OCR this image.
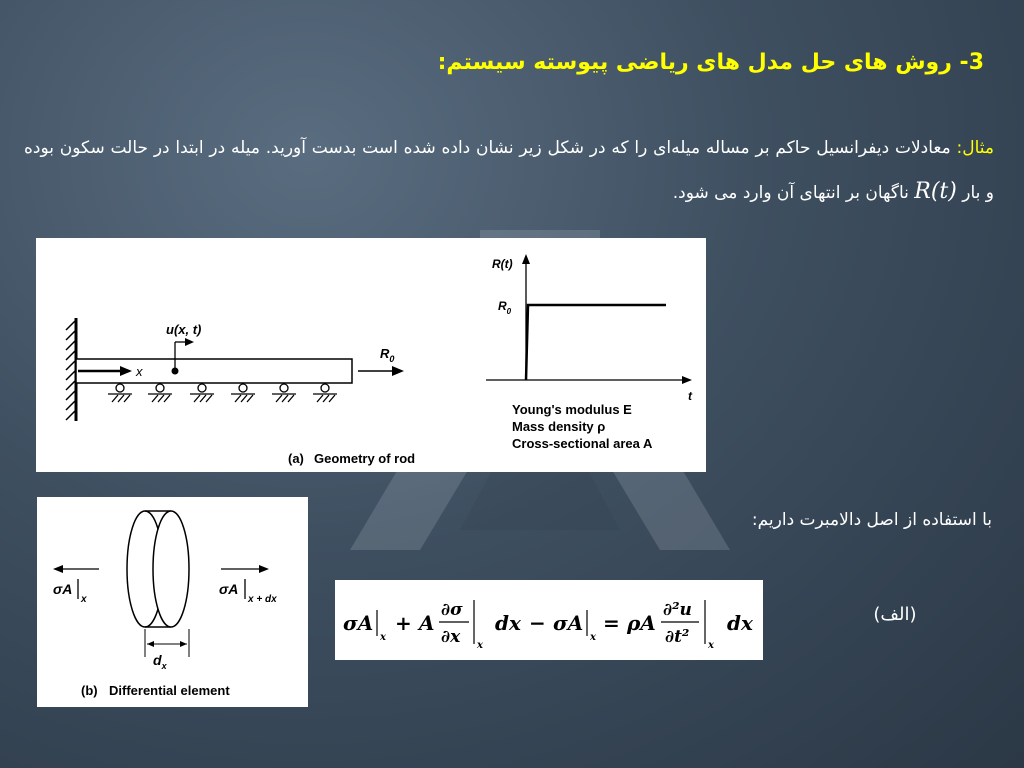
3- روش های حل مدل های ریاضی پیوسته سیستم:
مثال: معادلات دیفرانسیل حاکم بر مساله میله‌ای را که در شکل زیر نشان داده شده است بدست آورید. میله در ابتدا در حالت سکون بوده و بار R(t) ناگهان بر انتهای آن وارد می شود.
x
u(x, t)
$R_0$
(a) Geometry of rod
R(t)
$R_0$
t
Young's modulus E
Mass density ρ
Cross-sectional area A
σA
x
σA
x + dx
$d_x$
(b) Differential element
با استفاده از اصل دالامبرت داریم:
σA
x
+ A
∂σ
∂x x
dx − σA
x
= ρA
∂²u
∂t² x
dx	(الف)
